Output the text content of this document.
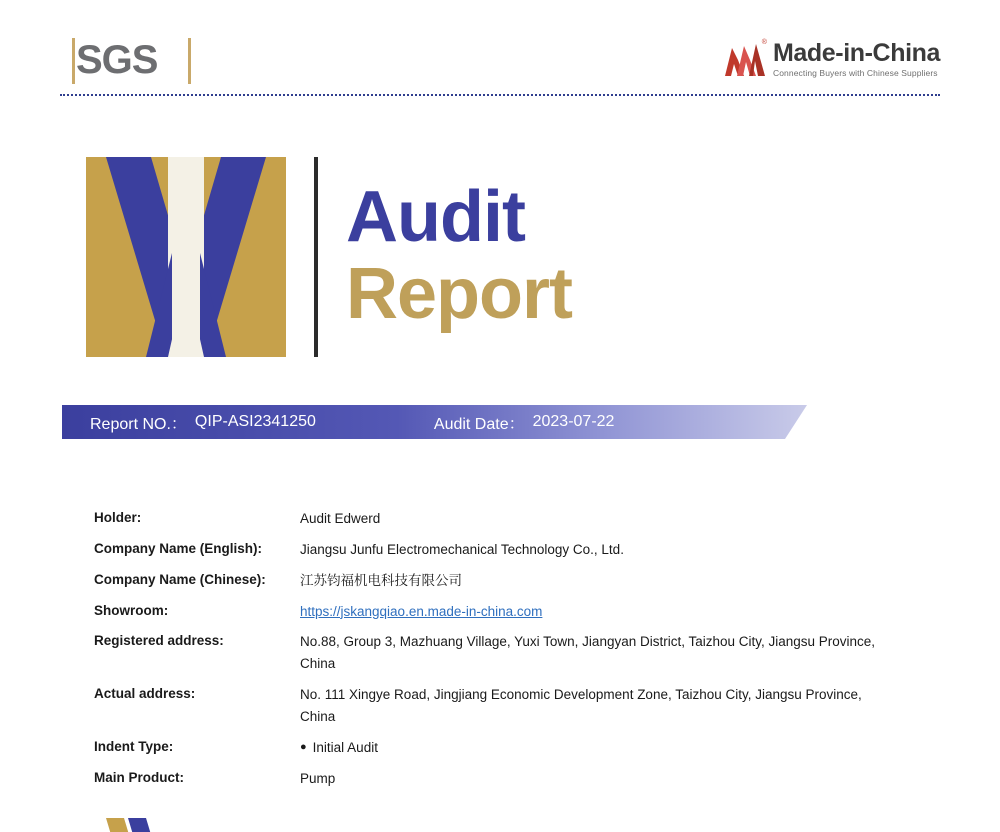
SGS	® Made-in-China
Connecting Buyers with Chinese Suppliers
Audit
Report
Report NO.： QIP-ASI2341250	Audit Date： 2023-07-22
Holder:	Audit Edwerd
Company Name (English):	Jiangsu Junfu Electromechanical Technology Co., Ltd.
Company Name (Chinese):	江苏钧福机电科技有限公司
Showroom:	https://jskangqiao.en.made-in-china.com
Registered address:	No.88, Group 3, Mazhuang Village, Yuxi Town, Jiangyan District, Taizhou City, Jiangsu Province, China
Actual address:	No. 111 Xingye Road, Jingjiang Economic Development Zone, Taizhou City, Jiangsu Province, China
Indent Type:	● Initial Audit
Main Product:	Pump
